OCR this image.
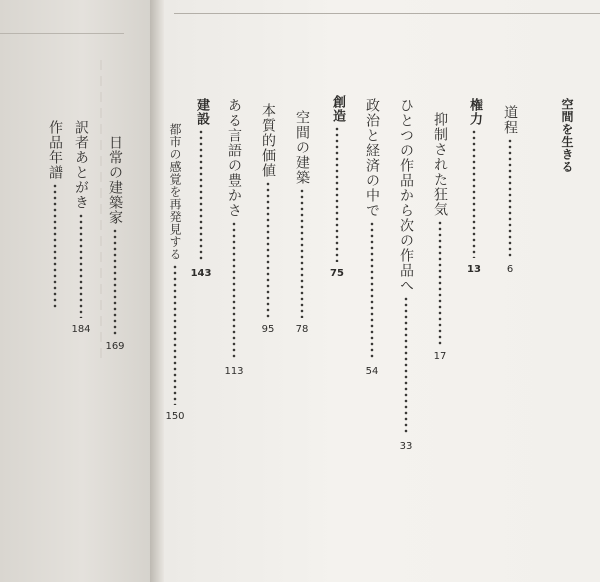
空間を生きる
道程
6
権力
13
抑制された狂気
17
ひとつの作品から次の作品へ
33
政治と経済の中で
54
創造
75
空間の建築
78
本質的価値
95
ある言語の豊かさ
113
建設
143
都市の感覚を再発見する
150
日常の建築家
169
訳者あとがき
184
作品年譜
